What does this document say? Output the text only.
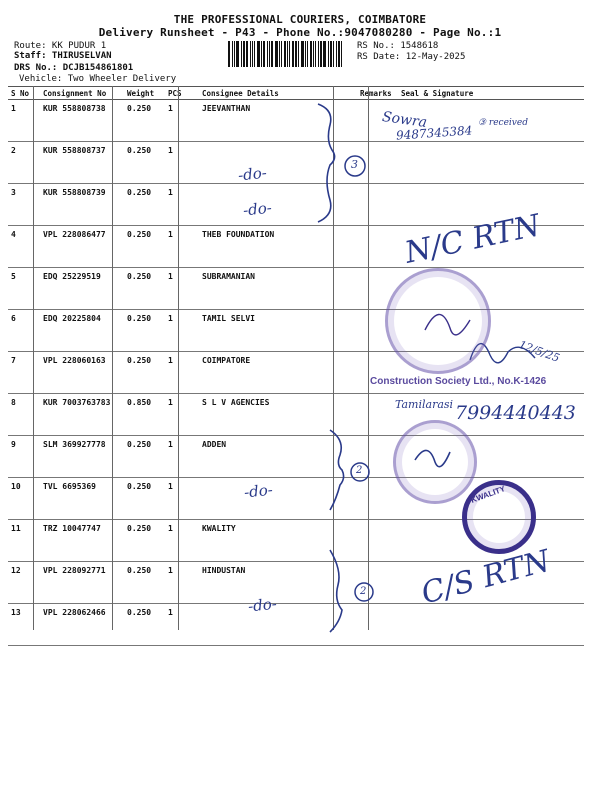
THE PROFESSIONAL COURIERS, COIMBATORE
Delivery Runsheet - P43 - Phone No.:9047080280 - Page No.:1
Route: KK PUDUR 1
Staff: THIRUSELVAN
DRS No.: DCJB154861801
Vehicle: Two Wheeler Delivery
RS No.: 1548618
RS Date: 12-May-2025
S No	Consignment No	Weight	PCS	Consignee Details	Remarks	Seal & Signature
1	KUR 558808738	0.250	1	JEEVANTHAN		
2	KUR 558808737	0.250	1			
3	KUR 558808739	0.250	1			
4	VPL 228086477	0.250	1	THEB FOUNDATION		
5	EDQ 25229519	0.250	1	SUBRAMANIAN		
6	EDQ 20225804	0.250	1	TAMIL SELVI		
7	VPL 228060163	0.250	1	COIMPATORE		
8	KUR 7003763783	0.850	1	S L V AGENCIES		
9	SLM 369927778	0.250	1	ADDEN		
10	TVL 6695369	0.250	1			
11	TRZ 10047747	0.250	1	KWALITY		
12	VPL 228092771	0.250	1	HINDUSTAN		
13	VPL 228062466	0.250	1			
KWALITY
Sowra
9487345384
③ received
-do-
-do-
3
N/C RTN
12/5/25
Construction Society Ltd., No.K-1426
Tamilarasi 7994440443
-do-
2
C/S RTN
-do-
2
